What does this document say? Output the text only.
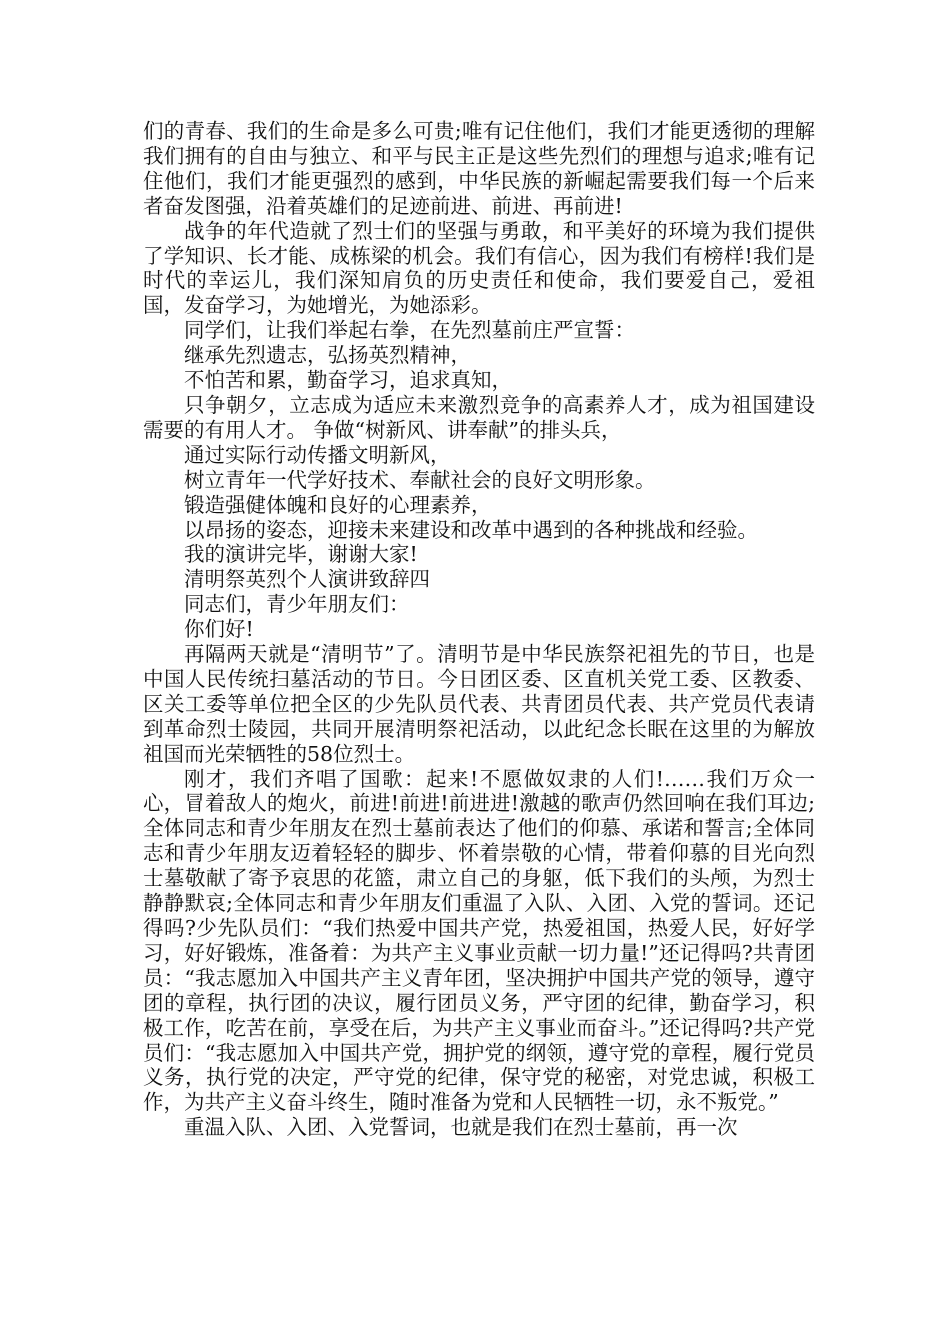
们的青春、我们的生命是多么可贵;唯有记住他们，我们才能更透彻的理解我们拥有的自由与独立、和平与民主正是这些先烈们的理想与追求;唯有记住他们，我们才能更强烈的感到，中华民族的新崛起需要我们每一个后来者奋发图强，沿着英雄们的足迹前进、前进、再前进!

战争的年代造就了烈士们的坚强与勇敢，和平美好的环境为我们提供了学知识、长才能、成栋梁的机会。我们有信心，因为我们有榜样!我们是时代的幸运儿，我们深知肩负的历史责任和使命，我们要爱自己，爱祖国，发奋学习，为她增光，为她添彩。

同学们，让我们举起右拳，在先烈墓前庄严宣誓：

继承先烈遗志，弘扬英烈精神，

不怕苦和累，勤奋学习，追求真知，

只争朝夕，立志成为适应未来激烈竞争的高素养人才，成为祖国建设需要的有用人才。 争做“树新风、讲奉献”的排头兵，

通过实际行动传播文明新风，

树立青年一代学好技术、奉献社会的良好文明形象。

锻造强健体魄和良好的心理素养，

以昂扬的姿态，迎接未来建设和改革中遇到的各种挑战和经验。

我的演讲完毕，谢谢大家!

清明祭英烈个人演讲致辞四

同志们，青少年朋友们：

你们好!

再隔两天就是“清明节”了。清明节是中华民族祭祀祖先的节日，也是中国人民传统扫墓活动的节日。今日团区委、区直机关党工委、区教委、区关工委等单位把全区的少先队员代表、共青团员代表、共产党员代表请到革命烈士陵园，共同开展清明祭祀活动，以此纪念长眠在这里的为解放祖国而光荣牺牲的58位烈士。

刚才，我们齐唱了国歌：起来!不愿做奴隶的人们!……我们万众一心，冒着敌人的炮火，前进!前进!前进进!激越的歌声仍然回响在我们耳边;全体同志和青少年朋友在烈士墓前表达了他们的仰慕、承诺和誓言;全体同志和青少年朋友迈着轻轻的脚步、怀着崇敬的心情，带着仰慕的目光向烈士墓敬献了寄予哀思的花篮，肃立自己的身躯，低下我们的头颅，为烈士静静默哀;全体同志和青少年朋友们重温了入队、入团、入党的誓词。还记得吗?少先队员们：“我们热爱中国共产党，热爱祖国，热爱人民，好好学习，好好锻炼，准备着：为共产主义事业贡献一切力量!”还记得吗?共青团员：“我志愿加入中国共产主义青年团，坚决拥护中国共产党的领导，遵守团的章程，执行团的决议，履行团员义务，严守团的纪律，勤奋学习，积极工作，吃苦在前，享受在后，为共产主义事业而奋斗。”还记得吗?共产党员们：“我志愿加入中国共产党，拥护党的纲领，遵守党的章程，履行党员义务，执行党的决定，严守党的纪律，保守党的秘密，对党忠诚，积极工作，为共产主义奋斗终生，随时准备为党和人民牺牲一切，永不叛党。”

重温入队、入团、入党誓词，也就是我们在烈士墓前，再一次
